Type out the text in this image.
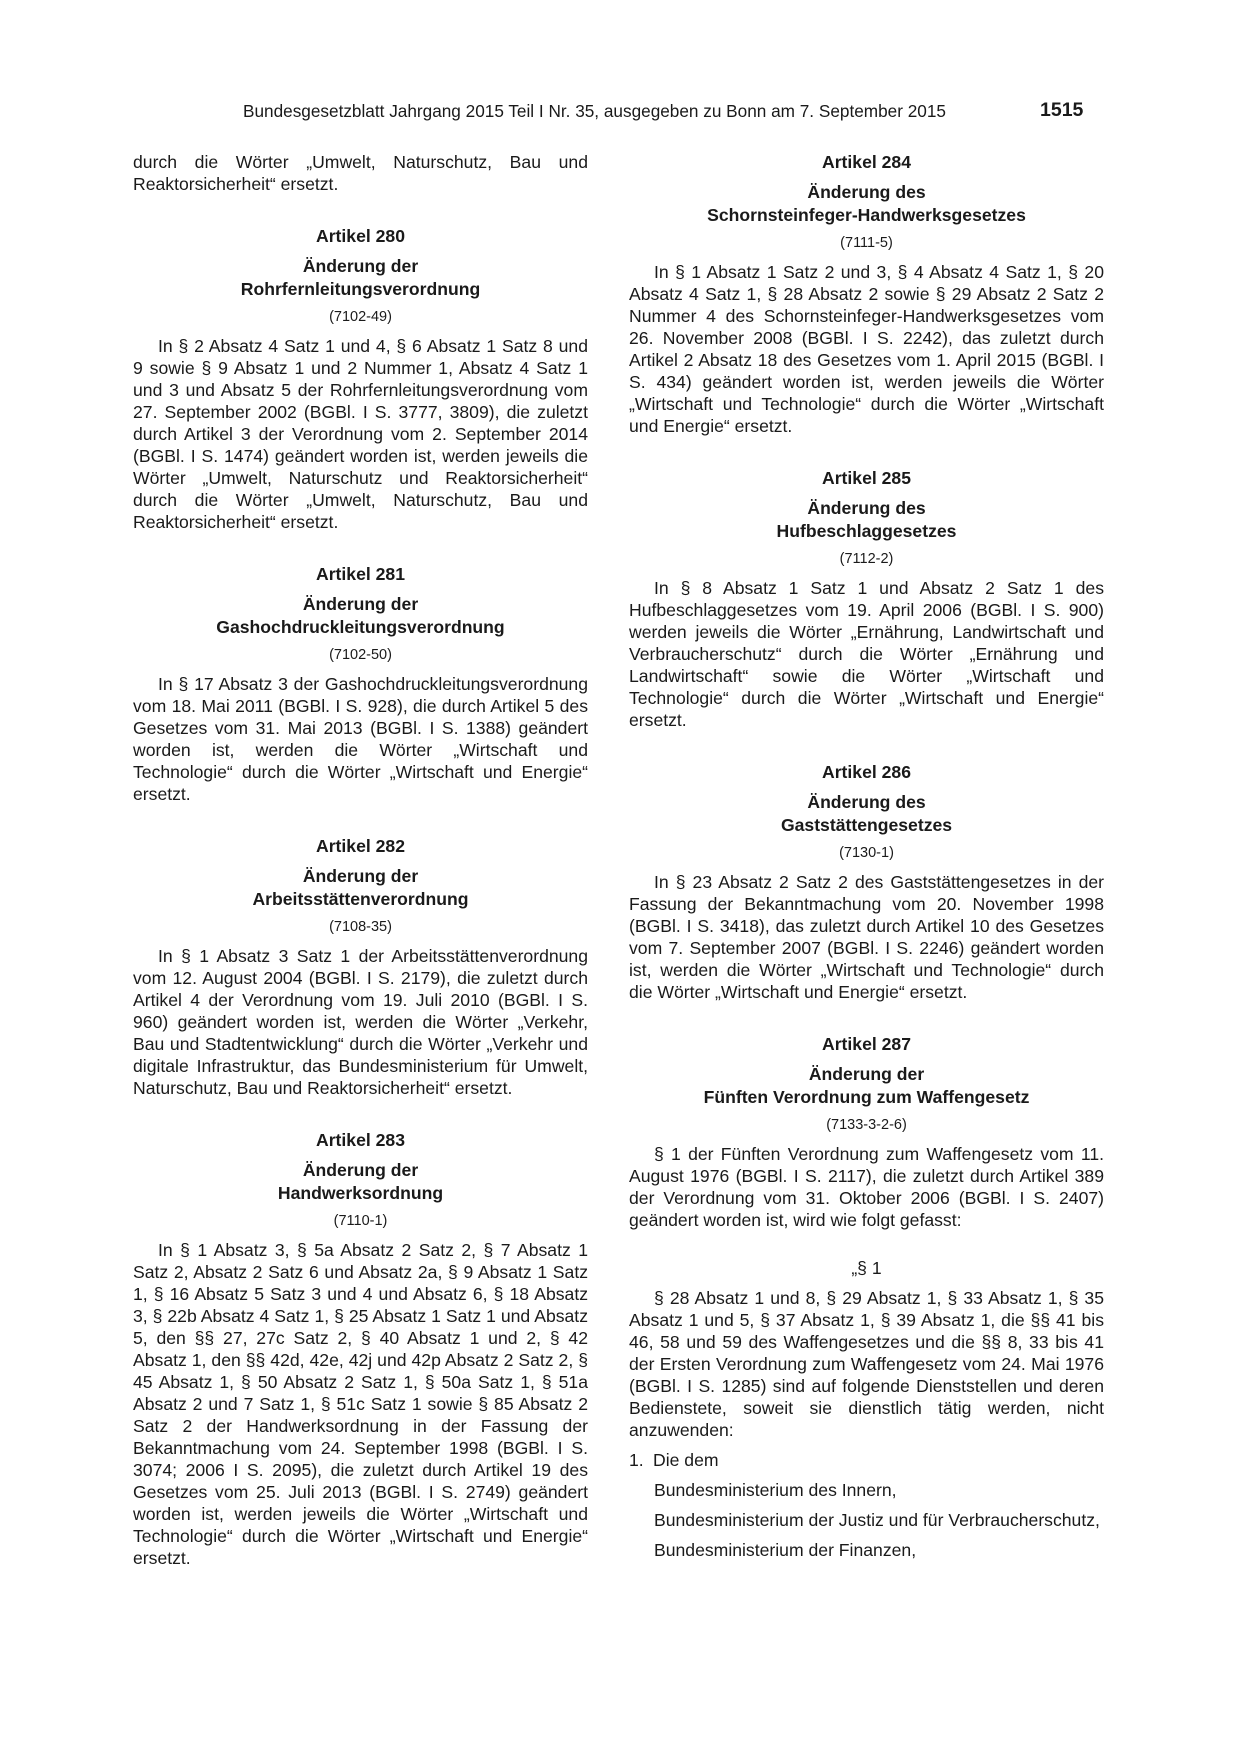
Bundesgesetzblatt Jahrgang 2015 Teil I Nr. 35, ausgegeben zu Bonn am 7. September 2015	1515

durch die Wörter „Umwelt, Naturschutz, Bau und Reaktorsicherheit“ ersetzt.

Artikel 280

Änderung der

Rohrfernleitungsverordnung

(7102-49)

In § 2 Absatz 4 Satz 1 und 4, § 6 Absatz 1 Satz 8 und 9 sowie § 9 Absatz 1 und 2 Nummer 1, Absatz 4 Satz 1 und 3 und Absatz 5 der Rohrfernleitungsverordnung vom 27. September 2002 (BGBl. I S. 3777, 3809), die zuletzt durch Artikel 3 der Verordnung vom 2. September 2014 (BGBl. I S. 1474) geändert worden ist, werden jeweils die Wörter „Umwelt, Naturschutz und Reaktorsicherheit“ durch die Wörter „Umwelt, Naturschutz, Bau und Reaktorsicherheit“ ersetzt.

Artikel 281

Änderung der

Gashochdruckleitungsverordnung

(7102-50)

In § 17 Absatz 3 der Gashochdruckleitungsverordnung vom 18. Mai 2011 (BGBl. I S. 928), die durch Artikel 5 des Gesetzes vom 31. Mai 2013 (BGBl. I S. 1388) geändert worden ist, werden die Wörter „Wirtschaft und Technologie“ durch die Wörter „Wirtschaft und Energie“ ersetzt.

Artikel 282

Änderung der

Arbeitsstättenverordnung

(7108-35)

In § 1 Absatz 3 Satz 1 der Arbeitsstättenverordnung vom 12. August 2004 (BGBl. I S. 2179), die zuletzt durch Artikel 4 der Verordnung vom 19. Juli 2010 (BGBl. I S. 960) geändert worden ist, werden die Wörter „Verkehr, Bau und Stadtentwicklung“ durch die Wörter „Verkehr und digitale Infrastruktur, das Bundesministerium für Umwelt, Naturschutz, Bau und Reaktorsicherheit“ ersetzt.

Artikel 283

Änderung der

Handwerksordnung

(7110-1)

In § 1 Absatz 3, § 5a Absatz 2 Satz 2, § 7 Absatz 1 Satz 2, Absatz 2 Satz 6 und Absatz 2a, § 9 Absatz 1 Satz 1, § 16 Absatz 5 Satz 3 und 4 und Absatz 6, § 18 Absatz 3, § 22b Absatz 4 Satz 1, § 25 Absatz 1 Satz 1 und Absatz 5, den §§ 27, 27c Satz 2, § 40 Absatz 1 und 2, § 42 Absatz 1, den §§ 42d, 42e, 42j und 42p Absatz 2 Satz 2, § 45 Absatz 1, § 50 Absatz 2 Satz 1, § 50a Satz 1, § 51a Absatz 2 und 7 Satz 1, § 51c Satz 1 sowie § 85 Absatz 2 Satz 2 der Handwerksordnung in der Fassung der Bekanntmachung vom 24. September 1998 (BGBl. I S. 3074; 2006 I S. 2095), die zuletzt durch Artikel 19 des Gesetzes vom 25. Juli 2013 (BGBl. I S. 2749) geändert worden ist, werden jeweils die Wörter „Wirtschaft und Technologie“ durch die Wörter „Wirtschaft und Energie“ ersetzt.

Artikel 284

Änderung des

Schornsteinfeger-Handwerksgesetzes

(7111-5)

In § 1 Absatz 1 Satz 2 und 3, § 4 Absatz 4 Satz 1, § 20 Absatz 4 Satz 1, § 28 Absatz 2 sowie § 29 Absatz 2 Satz 2 Nummer 4 des Schornsteinfeger-Handwerksgesetzes vom 26. November 2008 (BGBl. I S. 2242), das zuletzt durch Artikel 2 Absatz 18 des Gesetzes vom 1. April 2015 (BGBl. I S. 434) geändert worden ist, werden jeweils die Wörter „Wirtschaft und Technologie“ durch die Wörter „Wirtschaft und Energie“ ersetzt.

Artikel 285

Änderung des

Hufbeschlaggesetzes

(7112-2)

In § 8 Absatz 1 Satz 1 und Absatz 2 Satz 1 des Hufbeschlaggesetzes vom 19. April 2006 (BGBl. I S. 900) werden jeweils die Wörter „Ernährung, Landwirtschaft und Verbraucherschutz“ durch die Wörter „Ernährung und Landwirtschaft“ sowie die Wörter „Wirtschaft und Technologie“ durch die Wörter „Wirtschaft und Energie“ ersetzt.

Artikel 286

Änderung des

Gaststättengesetzes

(7130-1)

In § 23 Absatz 2 Satz 2 des Gaststättengesetzes in der Fassung der Bekanntmachung vom 20. November 1998 (BGBl. I S. 3418), das zuletzt durch Artikel 10 des Gesetzes vom 7. September 2007 (BGBl. I S. 2246) geändert worden ist, werden die Wörter „Wirtschaft und Technologie“ durch die Wörter „Wirtschaft und Energie“ ersetzt.

Artikel 287

Änderung der

Fünften Verordnung zum Waffengesetz

(7133-3-2-6)

§ 1 der Fünften Verordnung zum Waffengesetz vom 11. August 1976 (BGBl. I S. 2117), die zuletzt durch Artikel 389 der Verordnung vom 31. Oktober 2006 (BGBl. I S. 2407) geändert worden ist, wird wie folgt gefasst:

„§ 1

§ 28 Absatz 1 und 8, § 29 Absatz 1, § 33 Absatz 1, § 35 Absatz 1 und 5, § 37 Absatz 1, § 39 Absatz 1, die §§ 41 bis 46, 58 und 59 des Waffengesetzes und die §§ 8, 33 bis 41 der Ersten Verordnung zum Waffengesetz vom 24. Mai 1976 (BGBl. I S. 1285) sind auf folgende Dienststellen und deren Bedienstete, soweit sie dienstlich tätig werden, nicht anzuwenden:

1. Die dem

Bundesministerium des Innern,

Bundesministerium der Justiz und für Verbraucherschutz,

Bundesministerium der Finanzen,
